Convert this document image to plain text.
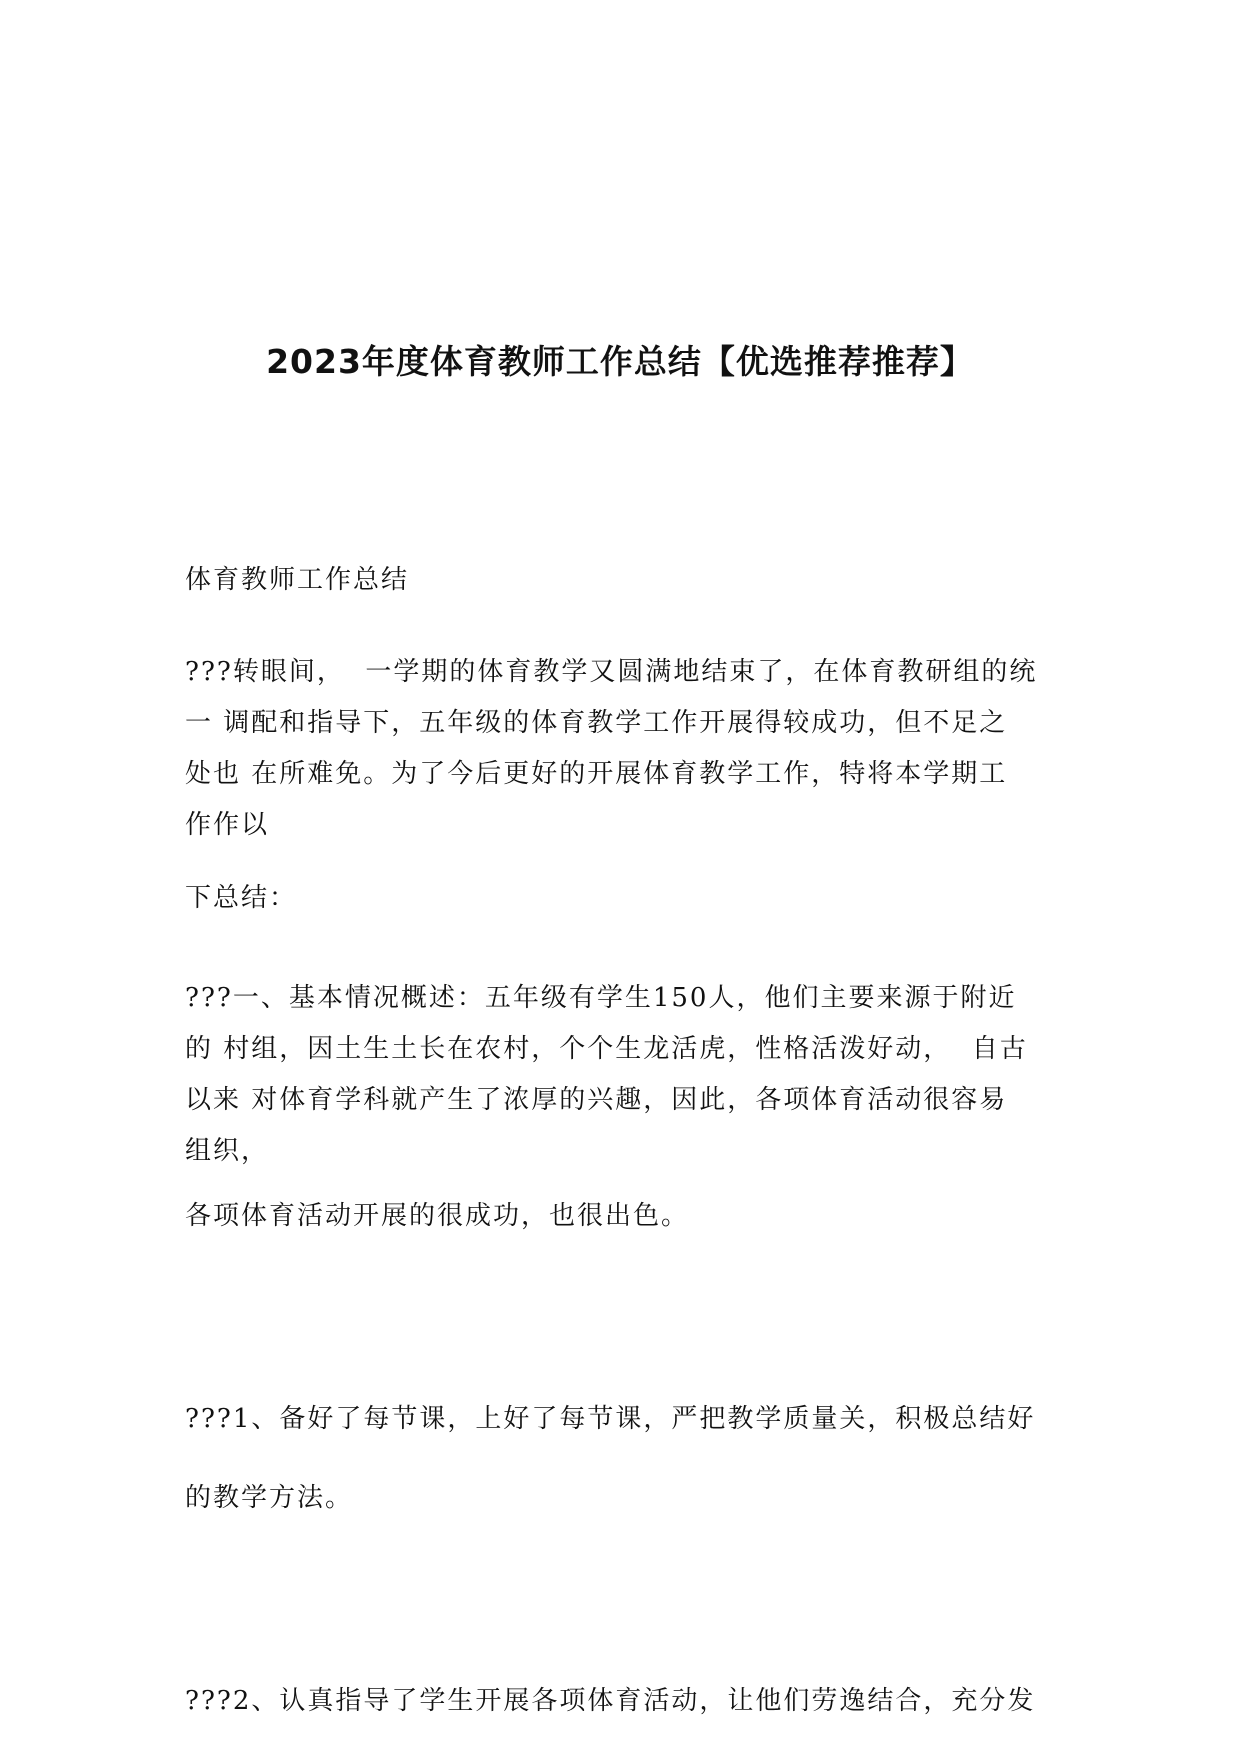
2023年度体育教师工作总结【优选推荐推荐】
体育教师工作总结
???转眼间，  一学期的体育教学又圆满地结束了，在体育教研组的统
一 调配和指导下，五年级的体育教学工作开展得较成功，但不足之
处也 在所难免。为了今后更好的开展体育教学工作，特将本学期工
作作以
下总结：
???一、基本情况概述：五年级有学生150人，他们主要来源于附近
的 村组，因土生土长在农村，个个生龙活虎，性格活泼好动，  自古
以来 对体育学科就产生了浓厚的兴趣，因此，各项体育活动很容易
组织，
各项体育活动开展的很成功，也很出色。
???1、备好了每节课，上好了每节课，严把教学质量关，积极总结好
的教学方法。
???2、认真指导了学生开展各项体育活动，让他们劳逸结合，充分发
